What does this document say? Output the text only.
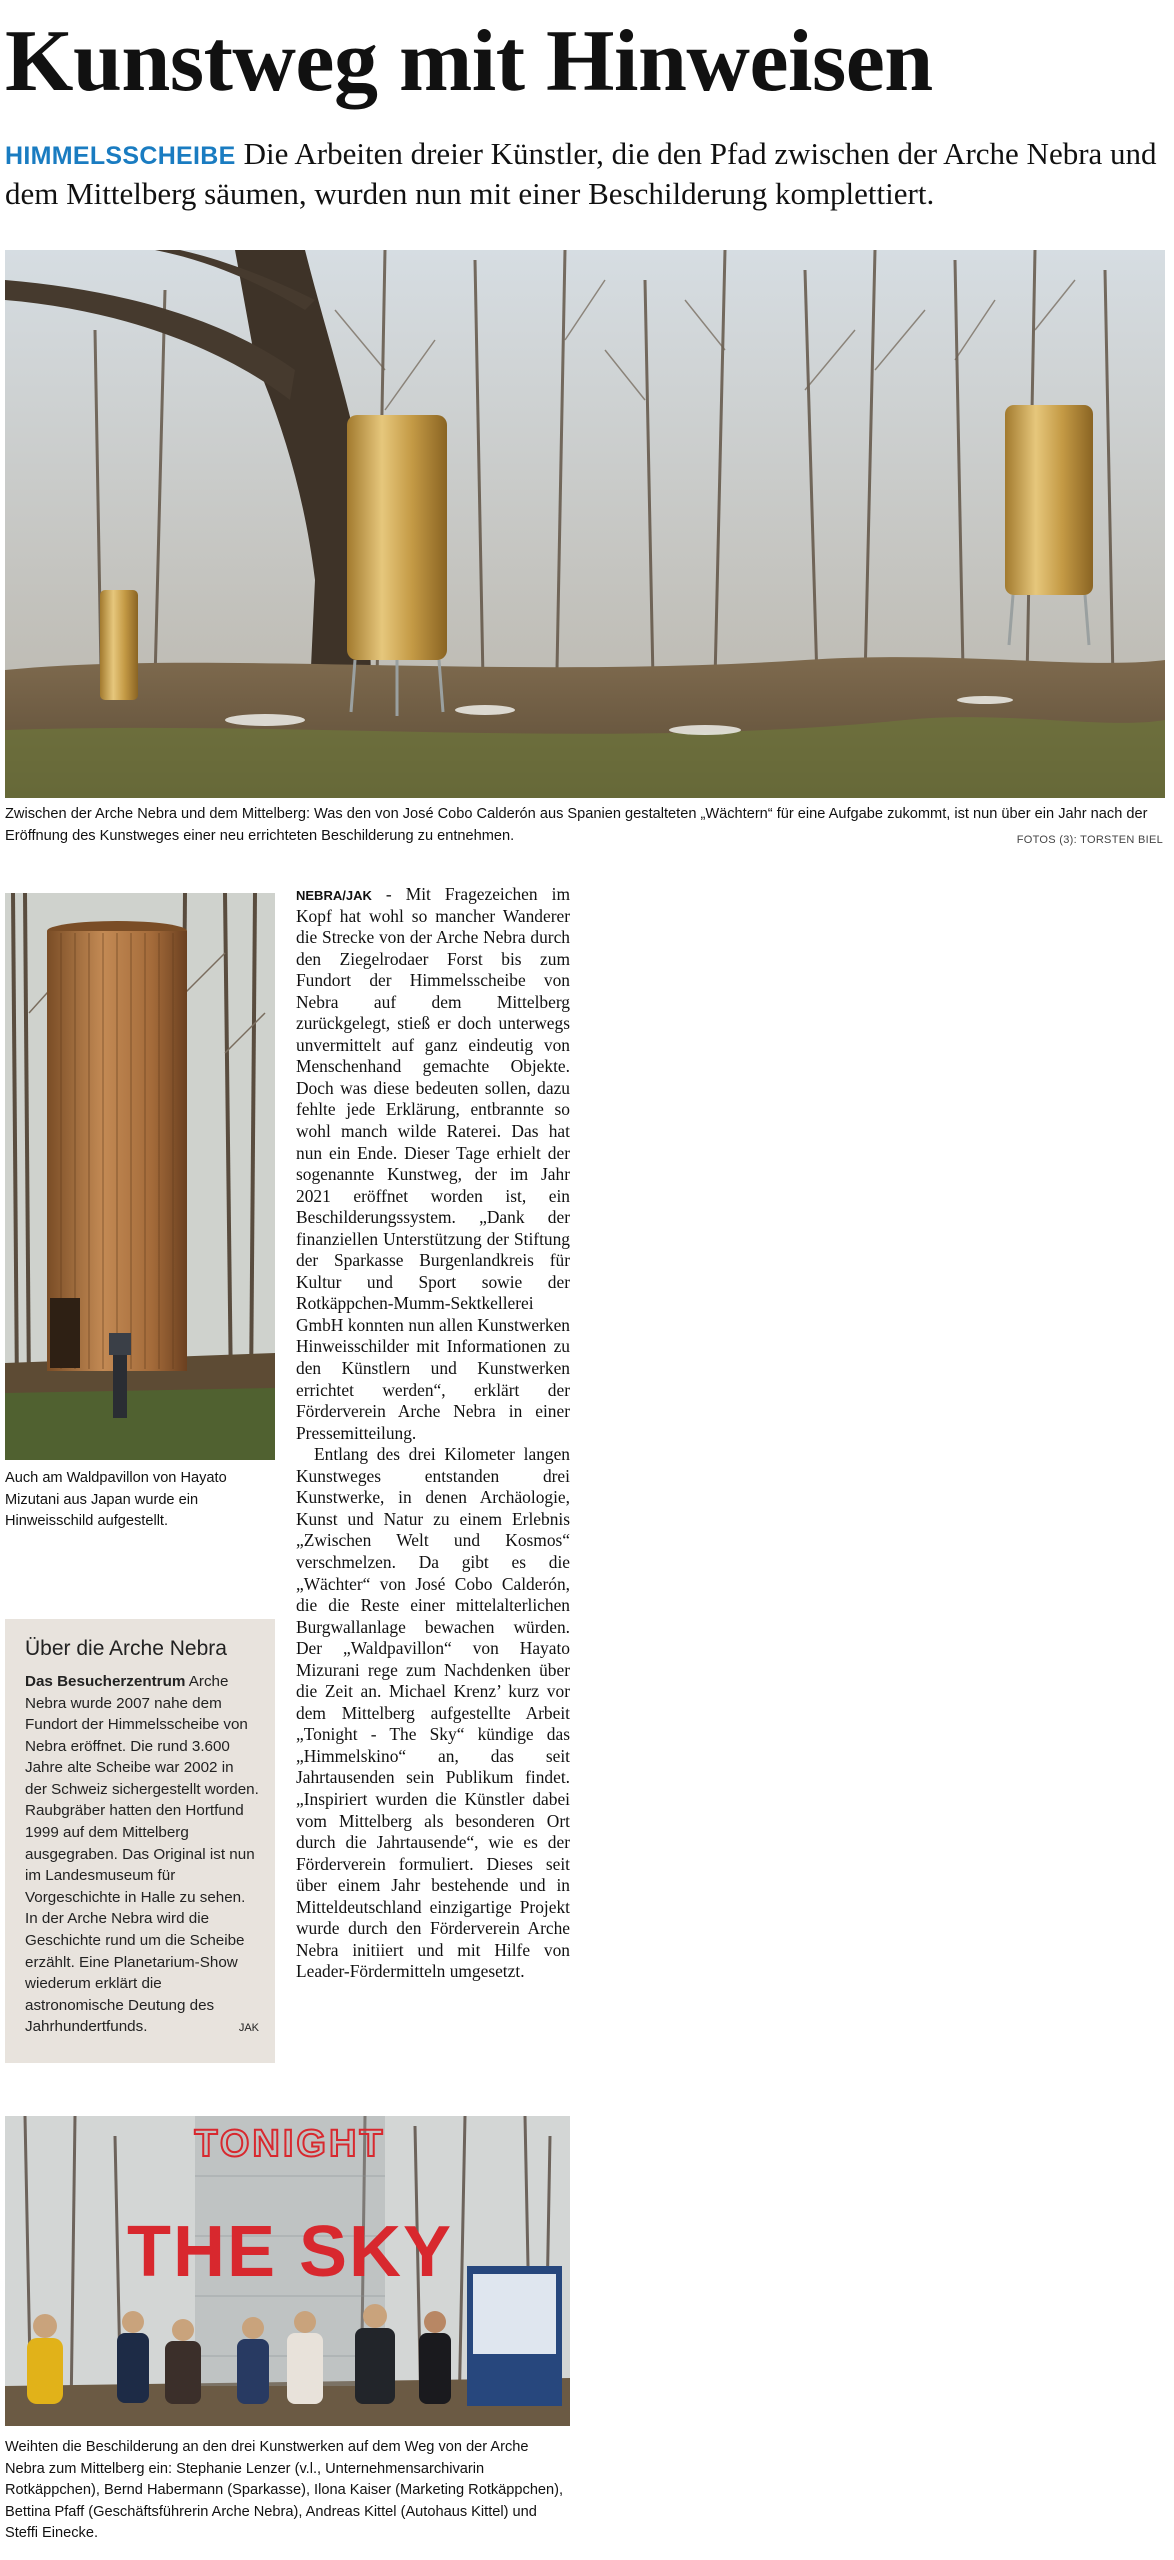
Kunstweg mit Hinweisen
HIMMELSSCHEIBE Die Arbeiten dreier Künstler, die den Pfad zwischen der Arche Nebra und dem Mittelberg säumen, wurden nun mit einer Beschilderung komplettiert.
Zwischen der Arche Nebra und dem Mittelberg: Was den von José Cobo Calderón aus Spanien gestalteten „Wächtern“ für eine Aufgabe zukommt, ist nun über ein Jahr nach der Eröffnung des Kunstweges einer neu errichteten Beschilderung zu entnehmen.	FOTOS (3): TORSTEN BIEL
Auch am Waldpavillon von Hayato Mizutani aus Japan wurde ein Hinweisschild aufgestellt.
Über die Arche Nebra
Das Besucherzentrum Arche Nebra wurde 2007 nahe dem Fundort der Himmelsscheibe von Nebra eröffnet. Die rund 3.600 Jahre alte Scheibe war 2002 in der Schweiz sichergestellt worden. Raubgräber hatten den Hortfund 1999 auf dem Mittelberg ausgegraben. Das Original ist nun im Landesmuseum für Vorgeschichte in Halle zu sehen. In der Arche Nebra wird die Geschichte rund um die Scheibe erzählt. Eine Planetarium-Show wiederum erklärt die astronomische Deutung des Jahrhundertfunds.	JAK

NEBRA/JAK - Mit Fragezeichen im Kopf hat wohl so mancher Wanderer die Strecke von der Arche Nebra durch den Ziegelrodaer Forst bis zum Fundort der Himmelsscheibe von Nebra auf dem Mittelberg zurückgelegt, stieß er doch unterwegs unvermittelt auf ganz eindeutig von Menschenhand gemachte Objekte. Doch was diese bedeuten sollen, dazu fehlte jede Erklärung, entbrannte so wohl manch wilde Raterei. Das hat nun ein Ende. Dieser Tage erhielt der sogenannte Kunstweg, der im Jahr 2021 eröffnet worden ist, ein Beschilderungssystem. „Dank der finanziellen Unterstützung der Stiftung der Sparkasse Burgenlandkreis für Kultur und Sport sowie der Rotkäppchen-Mumm-Sektkellerei GmbH konnten nun allen Kunstwerken Hinweisschilder mit Informationen zu den Künstlern und Kunstwerken errichtet werden“, erklärt der Förderverein Arche Nebra in einer Pressemitteilung.

Entlang des drei Kilometer langen Kunstweges entstanden drei Kunstwerke, in denen Archäologie, Kunst und Natur zu einem Erlebnis „Zwischen Welt und Kosmos“ verschmelzen. Da gibt es die „Wächter“ von José Cobo Calderón, die die Reste einer mittelalterlichen Burgwallanlage bewachen würden. Der „Waldpavillon“ von Hayato Mizurani rege zum Nachdenken über die Zeit an. Michael Krenz’ kurz vor dem Mittelberg aufgestellte Arbeit „Tonight - The Sky“ kündige das „Himmelskino“ an, das seit Jahrtausenden sein Publikum findet. „Inspiriert wurden die Künstler dabei vom Mittelberg als besonderen Ort durch die Jahrtausende“, wie es der Förderverein formuliert. Dieses seit über einem Jahr bestehende und in Mitteldeutschland einzigartige Projekt wurde durch den Förderverein Arche Nebra initiiert und mit Hilfe von Leader-Fördermitteln umgesetzt.

TONIGHT
THE SKY
Weihten die Beschilderung an den drei Kunstwerken auf dem Weg von der Arche Nebra zum Mittelberg ein: Stephanie Lenzer (v.l., Unternehmensarchivarin Rotkäppchen), Bernd Habermann (Sparkasse), Ilona Kaiser (Marketing Rotkäppchen), Bettina Pfaff (Geschäftsführerin Arche Nebra), Andreas Kittel (Autohaus Kittel) und Steffi Einecke.
